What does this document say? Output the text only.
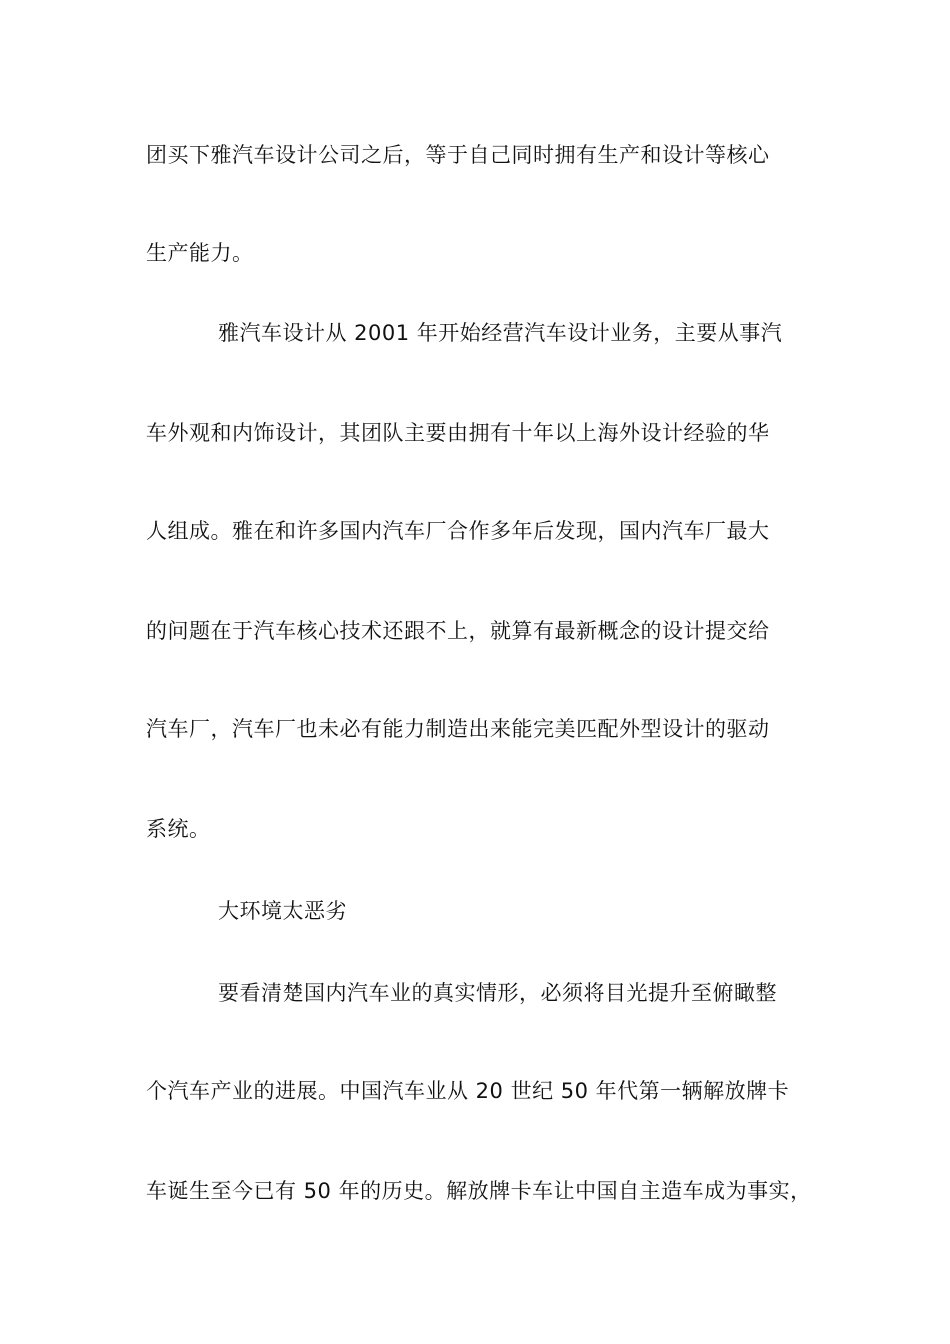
团买下雅汽车设计公司之后，等于自己同时拥有生产和设计等核心

生产能力。

雅汽车设计从 2001 年开始经营汽车设计业务，主要从事汽

车外观和内饰设计，其团队主要由拥有十年以上海外设计经验的华

人组成。雅在和许多国内汽车厂合作多年后发现，国内汽车厂最大

的问题在于汽车核心技术还跟不上，就算有最新概念的设计提交给

汽车厂，汽车厂也未必有能力制造出来能完美匹配外型设计的驱动

系统。

大环境太恶劣

要看清楚国内汽车业的真实情形，必须将目光提升至俯瞰整

个汽车产业的进展。中国汽车业从 20 世纪 50 年代第一辆解放牌卡

车诞生至今已有 50 年的历史。解放牌卡车让中国自主造车成为事实，
